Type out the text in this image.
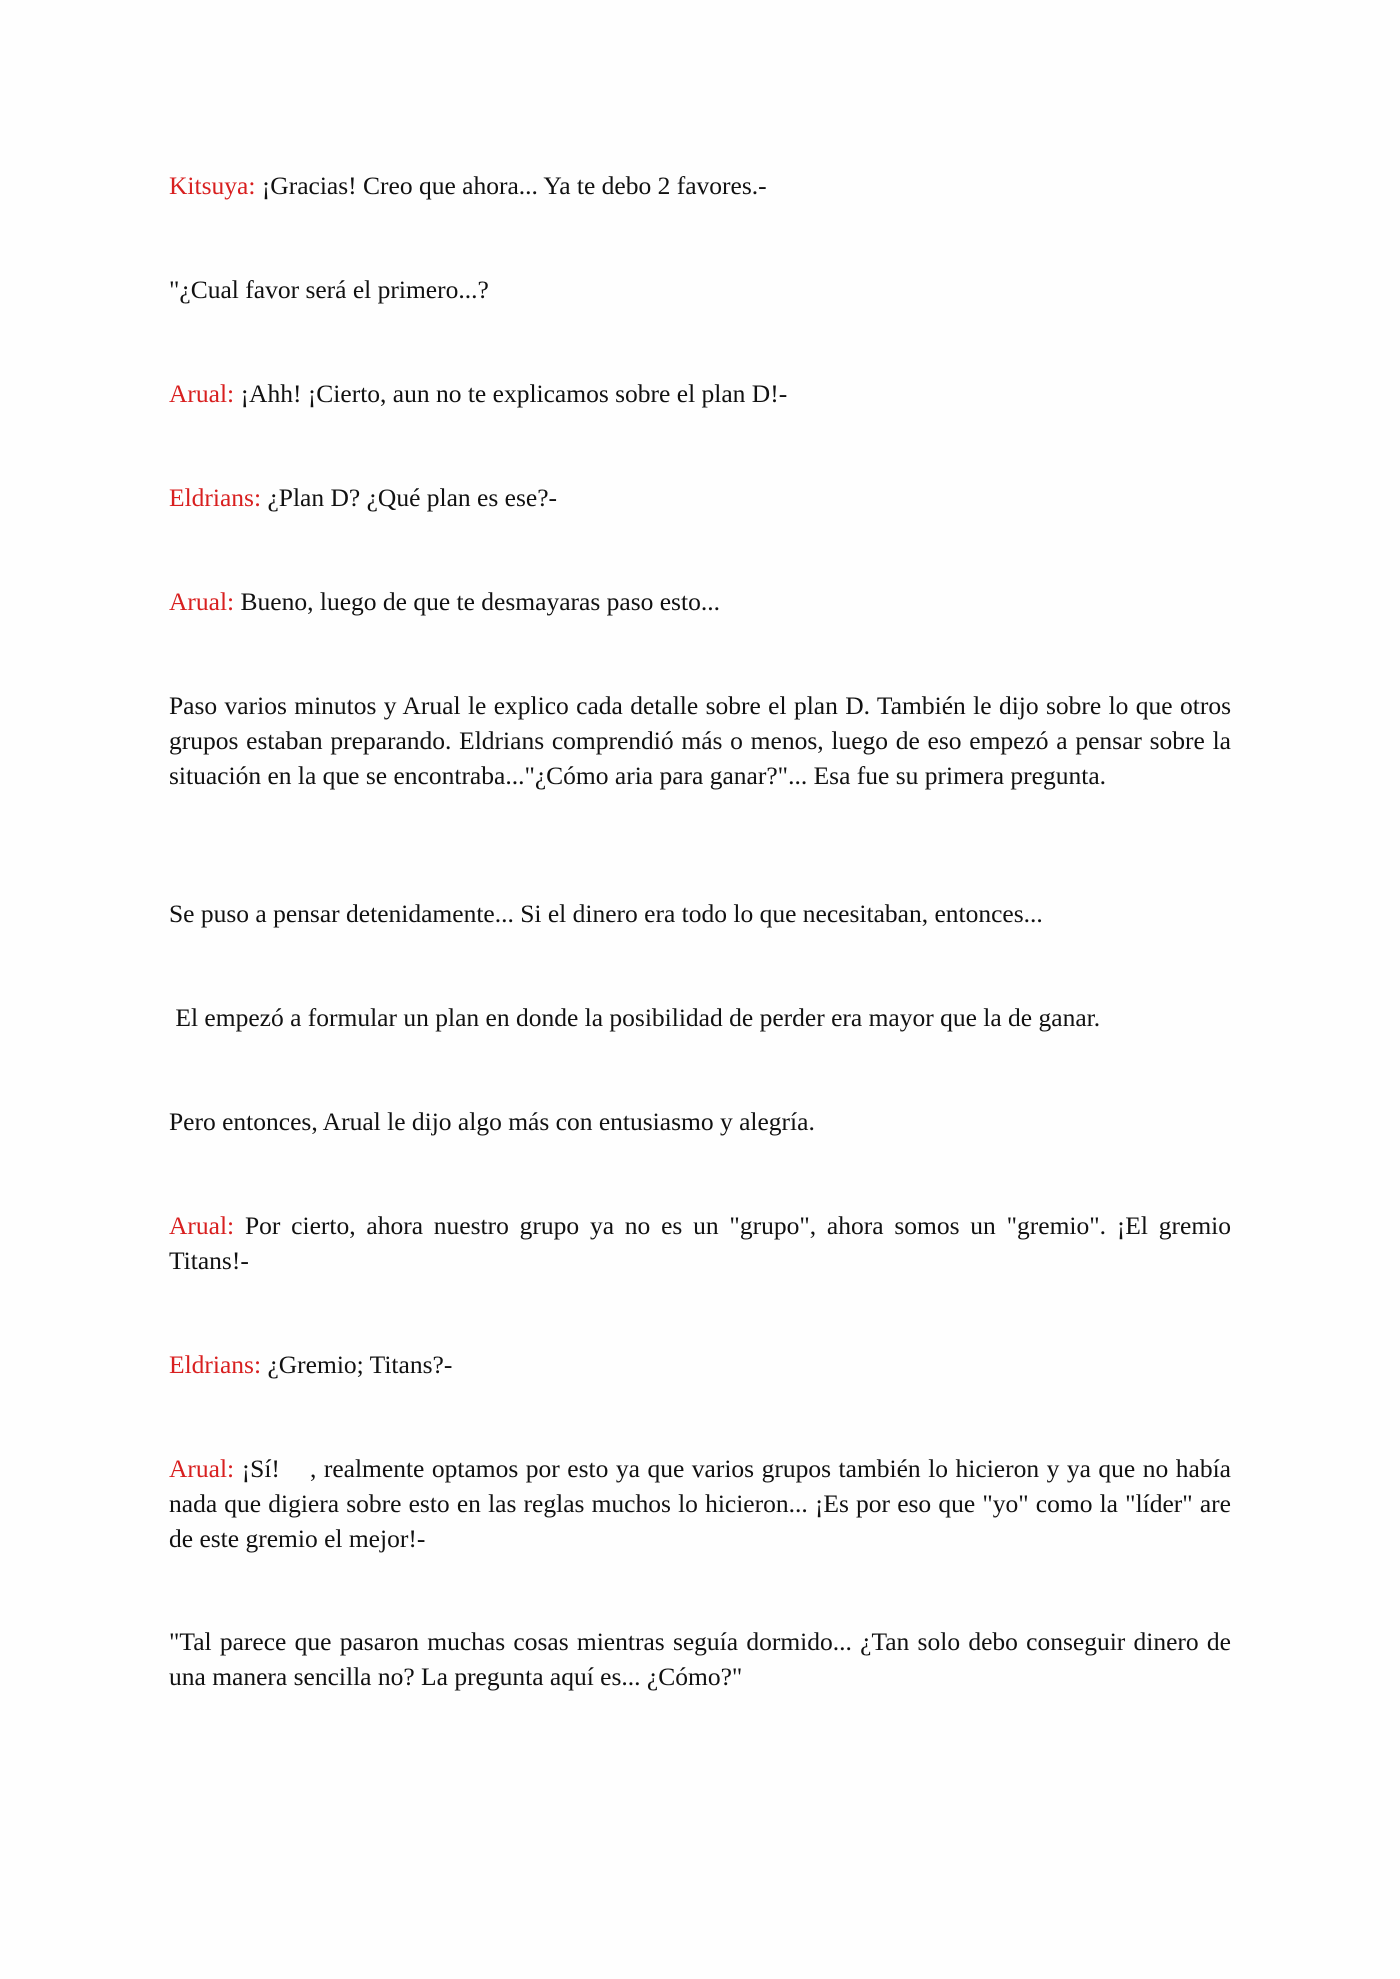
Kitsuya: ¡Gracias! Creo que ahora... Ya te debo 2 favores.-

"¿Cual favor será el primero...?

Arual: ¡Ahh! ¡Cierto, aun no te explicamos sobre el plan D!-

Eldrians: ¿Plan D? ¿Qué plan es ese?-

Arual: Bueno, luego de que te desmayaras paso esto...

Paso varios minutos y Arual le explico cada detalle sobre el plan D. También le dijo sobre lo que otros grupos estaban preparando. Eldrians comprendió más o menos, luego de eso empezó a pensar sobre la situación en la que se encontraba..."¿Cómo aria para ganar?"... Esa fue su primera pregunta.

Se puso a pensar detenidamente... Si el dinero era todo lo que necesitaban, entonces...

El empezó a formular un plan en donde la posibilidad de perder era mayor que la de ganar.

Pero entonces, Arual le dijo algo más con entusiasmo y alegría.

Arual: Por cierto, ahora nuestro grupo ya no es un "grupo", ahora somos un "gremio". ¡El gremio Titans!-

Eldrians: ¿Gremio; Titans?-

Arual: ¡Sí!    , realmente optamos por esto ya que varios grupos también lo hicieron y ya que no había nada que digiera sobre esto en las reglas muchos lo hicieron... ¡Es por eso que "yo" como la "líder" are de este gremio el mejor!-

"Tal parece que pasaron muchas cosas mientras seguía dormido... ¿Tan solo debo conseguir dinero de una manera sencilla no? La pregunta aquí es... ¿Cómo?"
